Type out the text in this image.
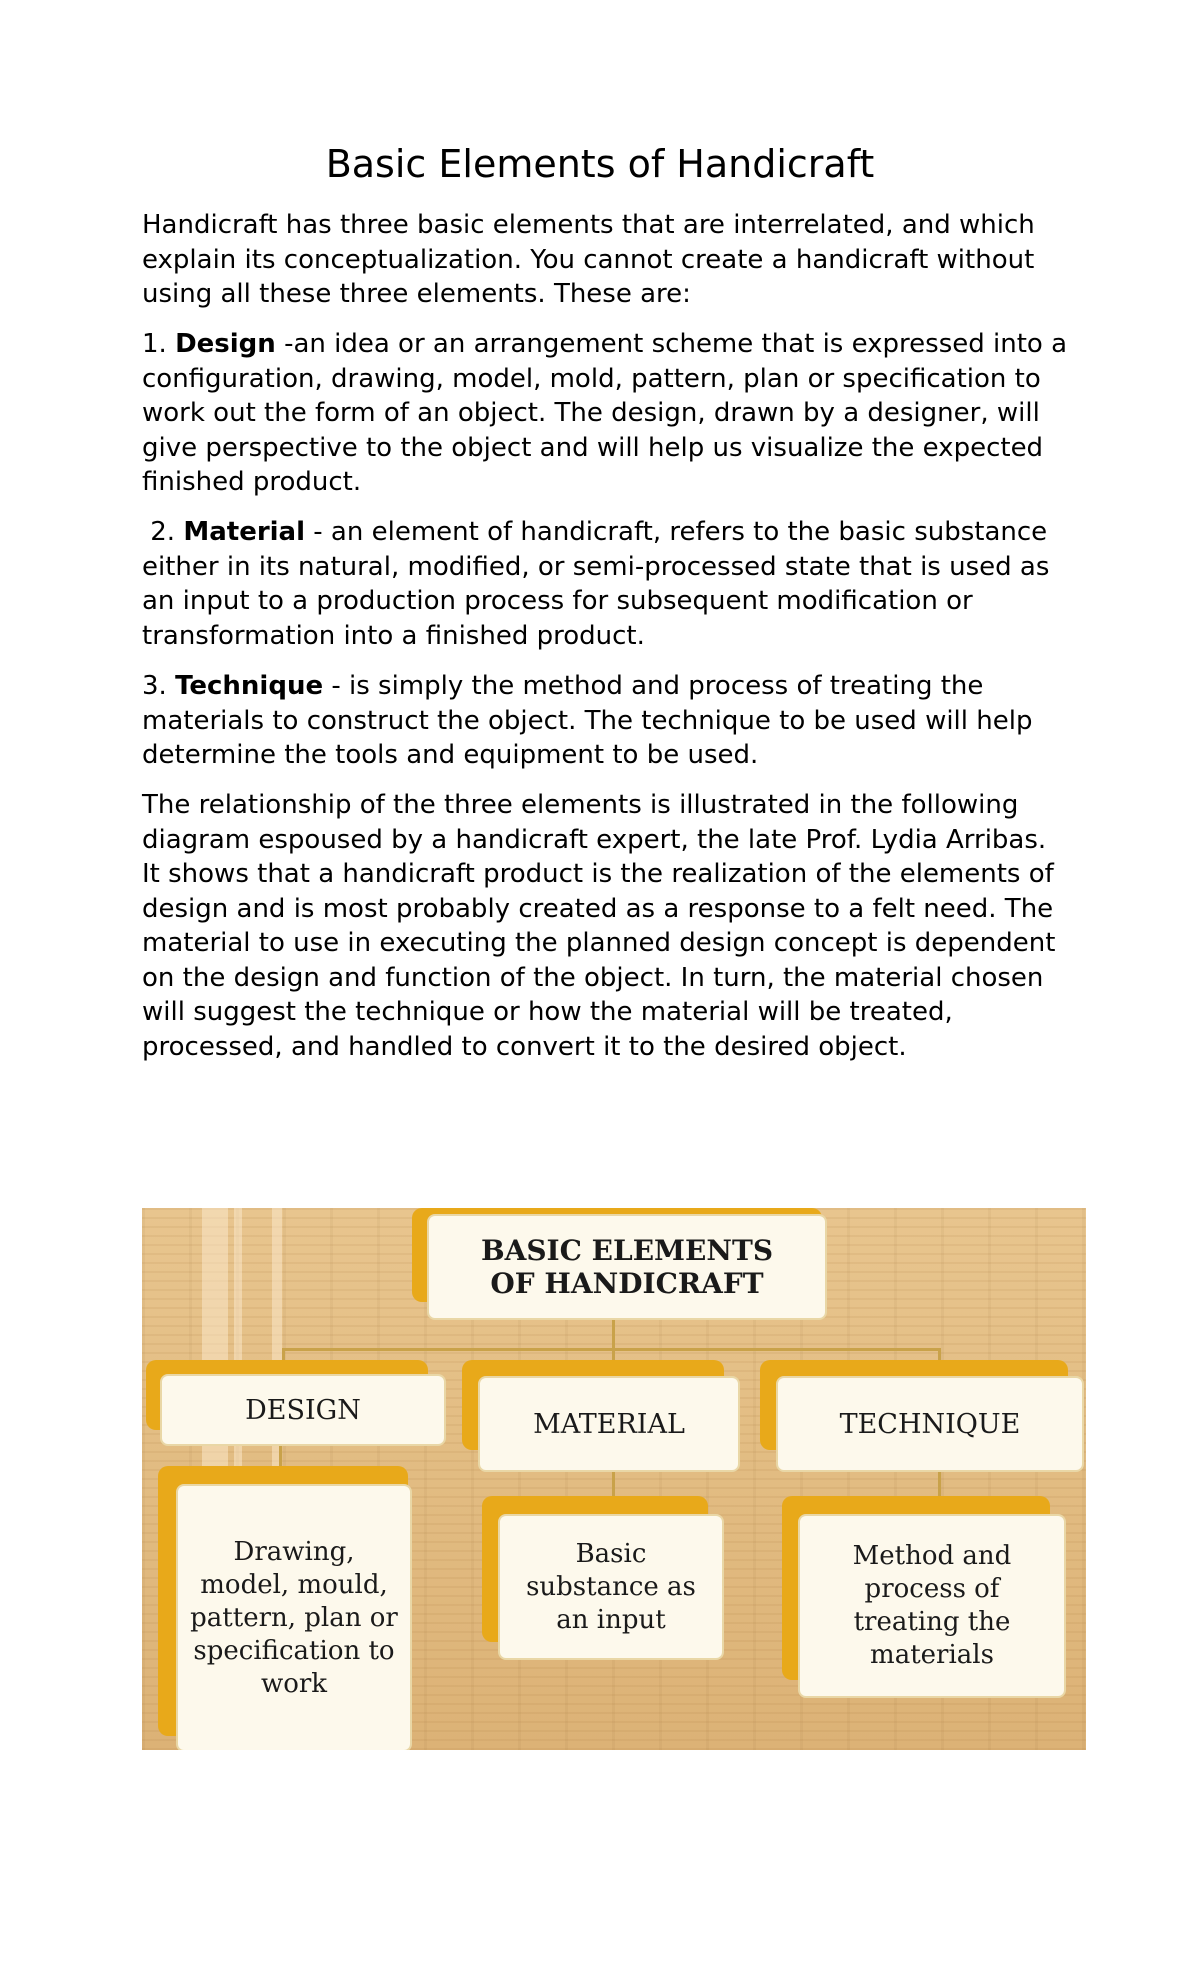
Basic Elements of Handicraft

Handicraft has three basic elements that are interrelated, and which explain its conceptualization. You cannot create a handicraft without using all these three elements. These are:

1. Design -an idea or an arrangement scheme that is expressed into a configuration, drawing, model, mold, pattern, plan or specification to work out the form of an object. The design, drawn by a designer, will give perspective to the object and will help us visualize the expected finished product.

2. Material - an element of handicraft, refers to the basic substance either in its natural, modified, or semi-processed state that is used as an input to a production process for subsequent modification or transformation into a finished product.

3. Technique - is simply the method and process of treating the materials to construct the object. The technique to be used will help determine the tools and equipment to be used.

The relationship of the three elements is illustrated in the following diagram espoused by a handicraft expert, the late Prof. Lydia Arribas. It shows that a handicraft product is the realization of the elements of design and is most probably created as a response to a felt need. The material to use in executing the planned design concept is dependent on the design and function of the object. In turn, the material chosen will suggest the technique or how the material will be treated, processed, and handled to convert it to the desired object.

BASIC ELEMENTS OF HANDICRAFT
DESIGN	MATERIAL	TECHNIQUE
Drawing, model, mould, pattern, plan or specification to work
Basic substance as an input
Method and process of treating the materials
